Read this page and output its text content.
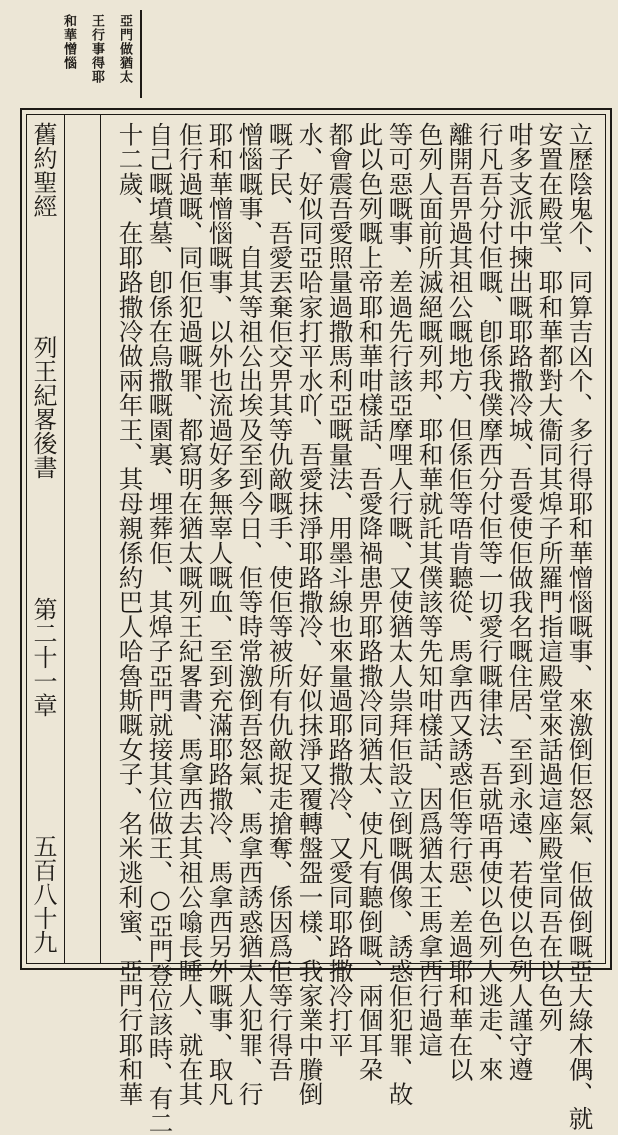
亞門做猶太
王行事得耶
和華憎惱
舊約聖經
列王紀畧後書
第二十一章
五百八十九	立歷陰鬼个、同算吉凶个、多行得耶和華憎惱嘅事、來激倒佢怒氣、佢做倒嘅亞大綠木偶、就
安置在殿堂、耶和華都對大衞同其㷆子所羅門指這殿堂來話過這座殿堂同吾在以色列
咁多支派中揀出嘅耶路撒冷城、吾愛使佢做我名嘅住居、至到永遠、若使以色列人謹守遵
行凡吾分付佢嘅、卽係我僕摩西分付佢等一切愛行嘅律法、吾就唔再使以色列人逃走、來
離開吾畀過其祖公嘅地方、但係佢等唔肯聽從、馬拿西又誘惑佢等行惡、差過耶和華在以
色列人面前所滅絕嘅列邦、耶和華就託其僕該等先知咁樣話、因爲猶太王馬拿西行過這
等可惡嘅事、差過先行該亞摩哩人行嘅、又使猶太人祟拜佢設立倒嘅偶像、誘惑佢犯罪、故
此以色列嘅上帝耶和華咁樣話、吾愛降禍患畀耶路撒冷同猶太、使凡有聽倒嘅、兩個耳朶
都會震吾愛照量過撒馬利亞嘅量法、用墨斗線也來量過耶路撒冷、又愛同耶路撒冷打平
水、好似同亞哈家打平水吖、吾愛抹淨耶路撒冷、好似抹淨又覆轉盤盌一樣、我家業中賸倒
嘅子民、吾愛丟棄佢交畀其等仇敵嘅手、使佢等被所有仇敵捉走搶奪、係因爲佢等行得吾
憎惱嘅事、自其等祖公出埃及至到今日、佢等時常激倒吾怒氣、馬拿西誘惑猶太人犯罪、行
耶和華憎惱嘅事、以外也流過好多無辜人嘅血、至到充滿耶路撒冷、馬拿西另外嘅事、取凡
佢行過嘅、同佢犯過嘅罪、都寫明在猶太嘅列王紀畧書、馬拿西去其祖公噏長睡人、就在其
自己嘅墳墓、卽係在烏撒嘅園裏、埋葬佢、其㷆子亞門就接其位做王、○亞門登位該時、有二
十二歲、在耶路撒冷做兩年王、其母親係約巴人哈魯斯嘅女子、名米逃利蜜、亞門行耶和華
